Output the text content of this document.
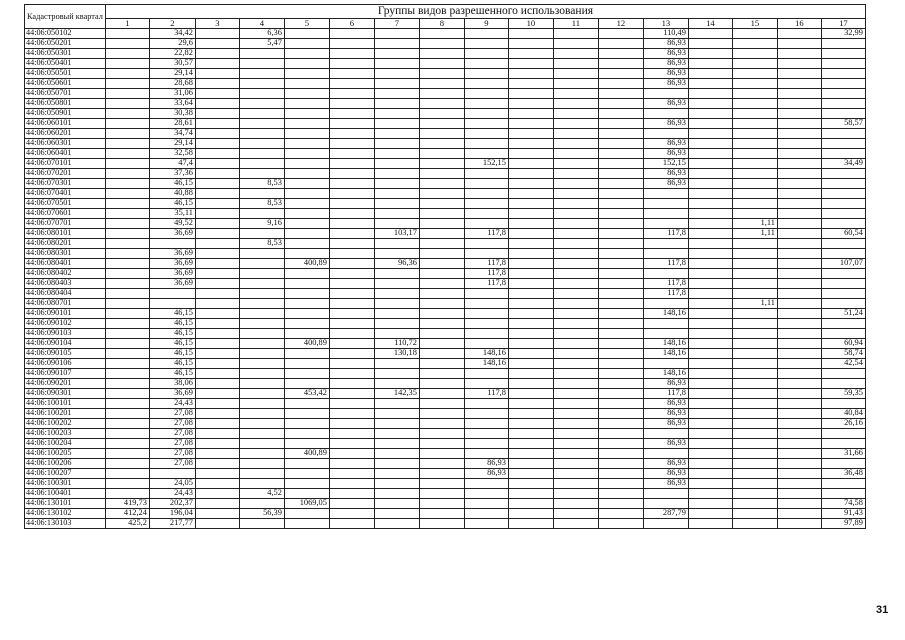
Кадастровый квартал	Группы видов разрешенного использования																
	1	2	3	4	5	6	7	8	9	10	11	12	13	14	15	16	17
44:06:050102		34,42		6,36									110,49				32,99
44:06:050201		29,6		5,47									86,93				
44:06:050301		22,82											86,93				
44:06:050401		30,57											86,93				
44:06:050501		29,14											86,93				
44:06:050601		28,68											86,93				
44:06:050701		31,06															
44:06:050801		33,64											86,93				
44:06:050901		30,38															
44:06:060101		28,61											86,93				58,57
44:06:060201		34,74															
44:06:060301		29,14											86,93				
44:06:060401		32,58											86,93				
44:06:070101		47,4							152,15				152,15				34,49
44:06:070201		37,36											86,93				
44:06:070301		46,15		8,53									86,93				
44:06:070401		40,88															
44:06:070501		46,15		8,53													
44:06:070601		35,11															
44:06:070701		49,52		9,16											1,11		
44:06:080101		36,69					103,17		117,8				117,8		1,11		60,54
44:06:080201				8,53													
44:06:080301		36,69															
44:06:080401		36,69			400,89		96,36		117,8				117,8				107,07
44:06:080402		36,69							117,8								
44:06:080403		36,69							117,8				117,8				
44:06:080404													117,8				
44:06:080701															1,11		
44:06:090101		46,15											148,16				51,24
44:06:090102		46,15															
44:06:090103		46,15															
44:06:090104		46,15			400,89		110,72						148,16				60,94
44:06:090105		46,15					130,18		148,16				148,16				58,74
44:06:090106		46,15							148,16								42,54
44:06:090107		46,15											148,16				
44:06:090201		38,06											86,93				
44:06:090301		36,69			453,42		142,35		117,8				117,8				59,35
44:06:100101		24,43											86,93				
44:06:100201		27,08											86,93				40,84
44:06:100202		27,08											86,93				26,16
44:06:100203		27,08															
44:06:100204		27,08											86,93				
44:06:100205		27,08			400,89												31,66
44:06:100206		27,08							86,93				86,93				
44:06:100207									86,93				86,93				36,48
44:06:100301		24,05											86,93				
44:06:100401		24,43		4,52													
44:06:130101	419,73	202,37			1069,05												74,58
44:06:130102	412,24	196,04		56,39									287,79				91,43
44:06:130103	425,2	217,77															97,89
31
